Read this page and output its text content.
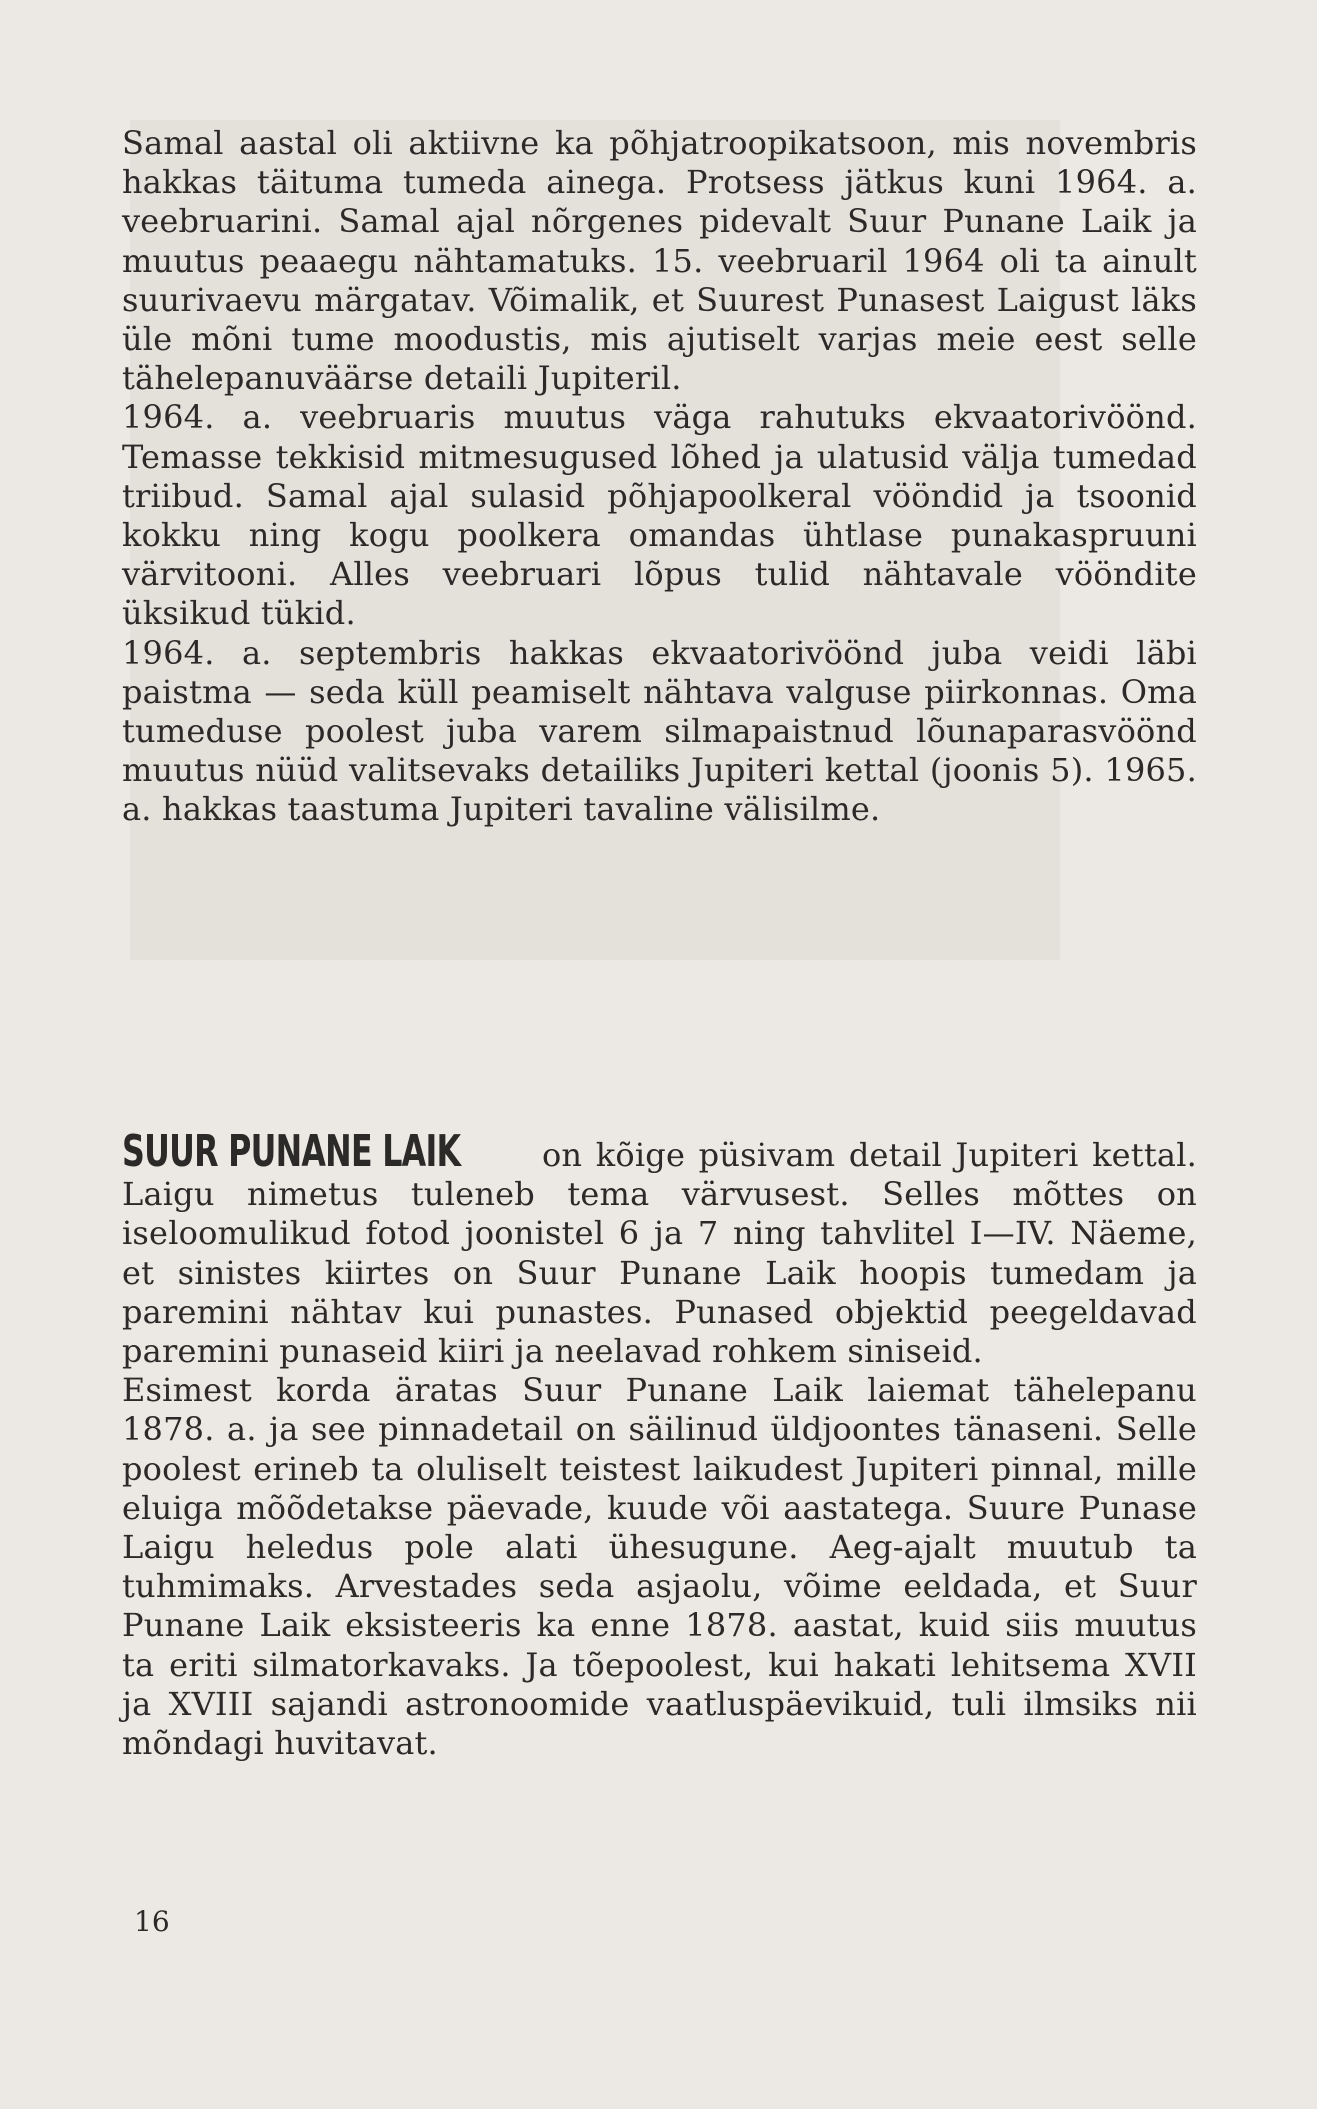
Samal aastal oli aktiivne ka põhjatroopikatsoon, mis novembris hakkas täituma tumeda ainega. Protsess jätkus kuni 1964. a. veebruarini. Samal ajal nõrgenes pidevalt Suur Punane Laik ja muutus peaaegu nähtamatuks. 15. veebruaril 1964 oli ta ainult suurivaevu märgatav. Võimalik, et Suurest Punasest Laigust läks üle mõni tume moodustis, mis ajutiselt varjas meie eest selle tähelepanuväärse detaili Jupiteril.

1964. a. veebruaris muutus väga rahutuks ekvaatorivöönd. Temasse tekkisid mitmesugused lõhed ja ulatusid välja tumedad triibud. Samal ajal sulasid põhjapoolkeral vööndid ja tsoonid kokku ning kogu poolkera omandas ühtlase punakaspruuni värvitooni. Alles veebruari lõpus tulid nähtavale vööndite üksikud tükid.

1964. a. septembris hakkas ekvaatorivöönd juba veidi läbi paistma — seda küll peamiselt nähtava valguse piirkonnas. Oma tumeduse poolest juba varem silmapaistnud lõunaparasvöönd muutus nüüd valitsevaks detailiks Jupiteri kettal (joonis 5). 1965. a. hakkas taastuma Jupiteri tavaline välisilme.

SUUR PUNANE LAIK	on kõige püsivam detail Jupiteri kettal. Laigu nimetus tuleneb tema värvusest. Selles mõttes on iseloomulikud fotod joonistel 6 ja 7 ning tahvlitel I—IV. Näeme, et sinistes kiirtes on Suur Punane Laik hoopis tumedam ja paremini nähtav kui punastes. Punased objektid peegeldavad paremini punaseid kiiri ja neelavad rohkem siniseid.

Esimest korda äratas Suur Punane Laik laiemat tähelepanu 1878. a. ja see pinnadetail on säilinud üldjoontes tänaseni. Selle poolest erineb ta oluliselt teistest laikudest Jupiteri pinnal, mille eluiga mõõdetakse päevade, kuude või aastatega. Suure Punase Laigu heledus pole alati ühesugune. Aeg-ajalt muutub ta tuhmimaks. Arvestades seda asjaolu, võime eeldada, et Suur Punane Laik eksisteeris ka enne 1878. aastat, kuid siis muutus ta eriti silmatorkavaks. Ja tõepoolest, kui hakati lehitsema XVII ja XVIII sajandi astronoomide vaatluspäevikuid, tuli ilmsiks nii mõndagi huvitavat.

16
